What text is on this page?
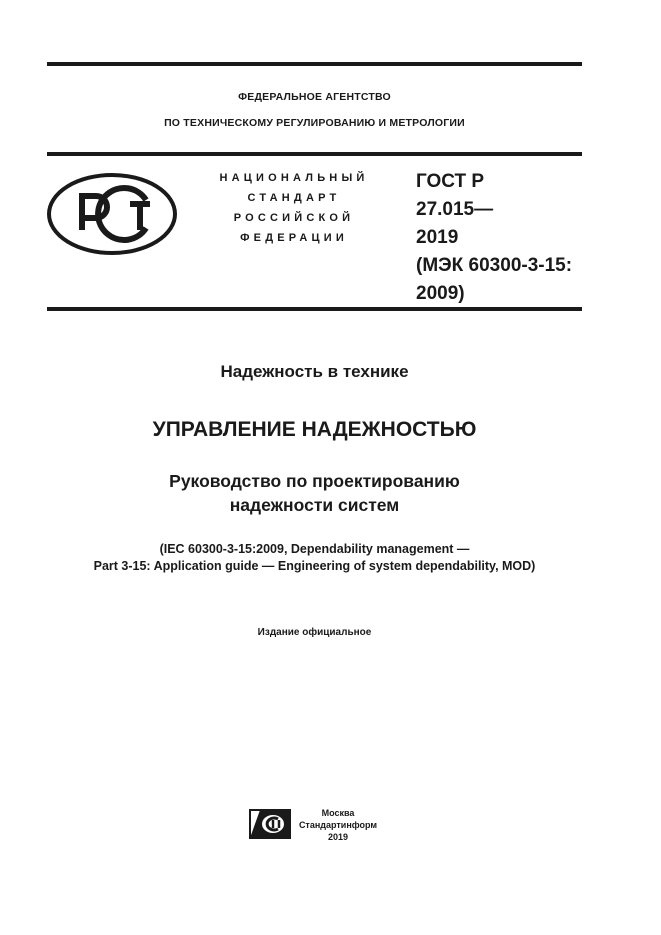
ФЕДЕРАЛЬНОЕ АГЕНТСТВО
ПО ТЕХНИЧЕСКОМУ РЕГУЛИРОВАНИЮ И МЕТРОЛОГИИ
РСТ
НАЦИОНАЛЬНЫЙ
СТАНДАРТ
РОССИЙСКОЙ
ФЕДЕРАЦИИ
ГОСТ Р
27.015—
2019
(МЭК 60300-3-15:
2009)
Надежность в технике
УПРАВЛЕНИЕ НАДЕЖНОСТЬЮ
Руководство по проектированию
надежности систем
(IEC 60300-3-15:2009, Dependability management —
Part 3-15: Application guide — Engineering of system dependability, MOD)
Издание официальное
СИ
Москва
Стандартинформ
2019
